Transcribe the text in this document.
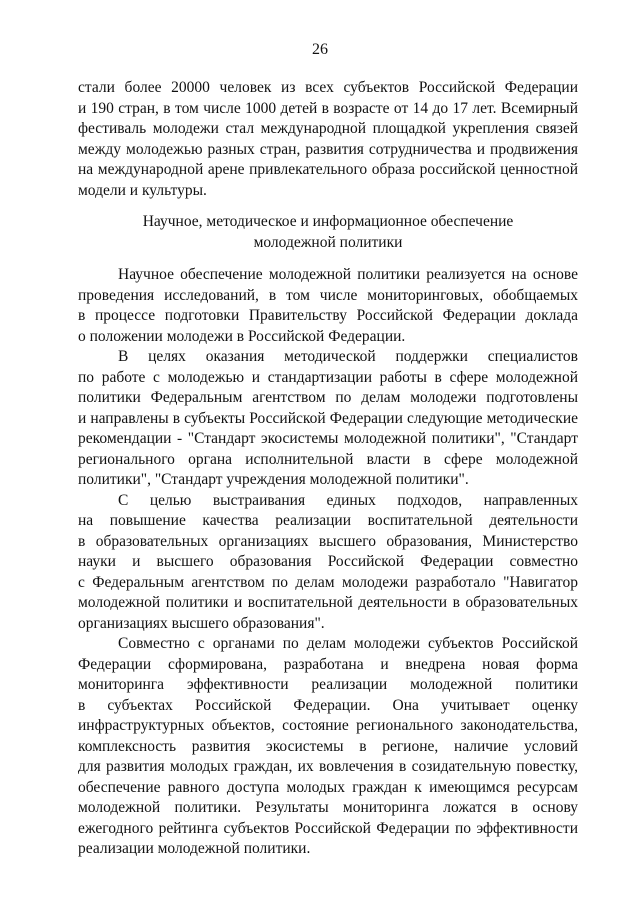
26
стали более 20000 человек из всех субъектов Российской Федерации
и 190 стран, в том числе 1000 детей в возрасте от 14 до 17 лет. Всемирный
фестиваль молодежи стал международной площадкой укрепления связей
между молодежью разных стран, развития сотрудничества и продвижения
на международной арене привлекательного образа российской ценностной
модели и культуры.
Научное, методическое и информационное обеспечение
молодежной политики
Научное обеспечение молодежной политики реализуется на основе
проведения исследований, в том числе мониторинговых, обобщаемых
в процессе подготовки Правительству Российской Федерации доклада
о положении молодежи в Российской Федерации.
В целях оказания методической поддержки специалистов
по работе с молодежью и стандартизации работы в сфере молодежной
политики Федеральным агентством по делам молодежи подготовлены
и направлены в субъекты Российской Федерации следующие методические
рекомендации - "Стандарт экосистемы молодежной политики", "Стандарт
регионального органа исполнительной власти в сфере молодежной
политики", "Стандарт учреждения молодежной политики".
С целью выстраивания единых подходов, направленных
на повышение качества реализации воспитательной деятельности
в образовательных организациях высшего образования, Министерство
науки и высшего образования Российской Федерации совместно
с Федеральным агентством по делам молодежи разработало "Навигатор
молодежной политики и воспитательной деятельности в образовательных
организациях высшего образования".
Совместно с органами по делам молодежи субъектов Российской
Федерации сформирована, разработана и внедрена новая форма
мониторинга эффективности реализации молодежной политики
в субъектах Российской Федерации. Она учитывает оценку
инфраструктурных объектов, состояние регионального законодательства,
комплексность развития экосистемы в регионе, наличие условий
для развития молодых граждан, их вовлечения в созидательную повестку,
обеспечение равного доступа молодых граждан к имеющимся ресурсам
молодежной политики. Результаты мониторинга ложатся в основу
ежегодного рейтинга субъектов Российской Федерации по эффективности
реализации молодежной политики.
